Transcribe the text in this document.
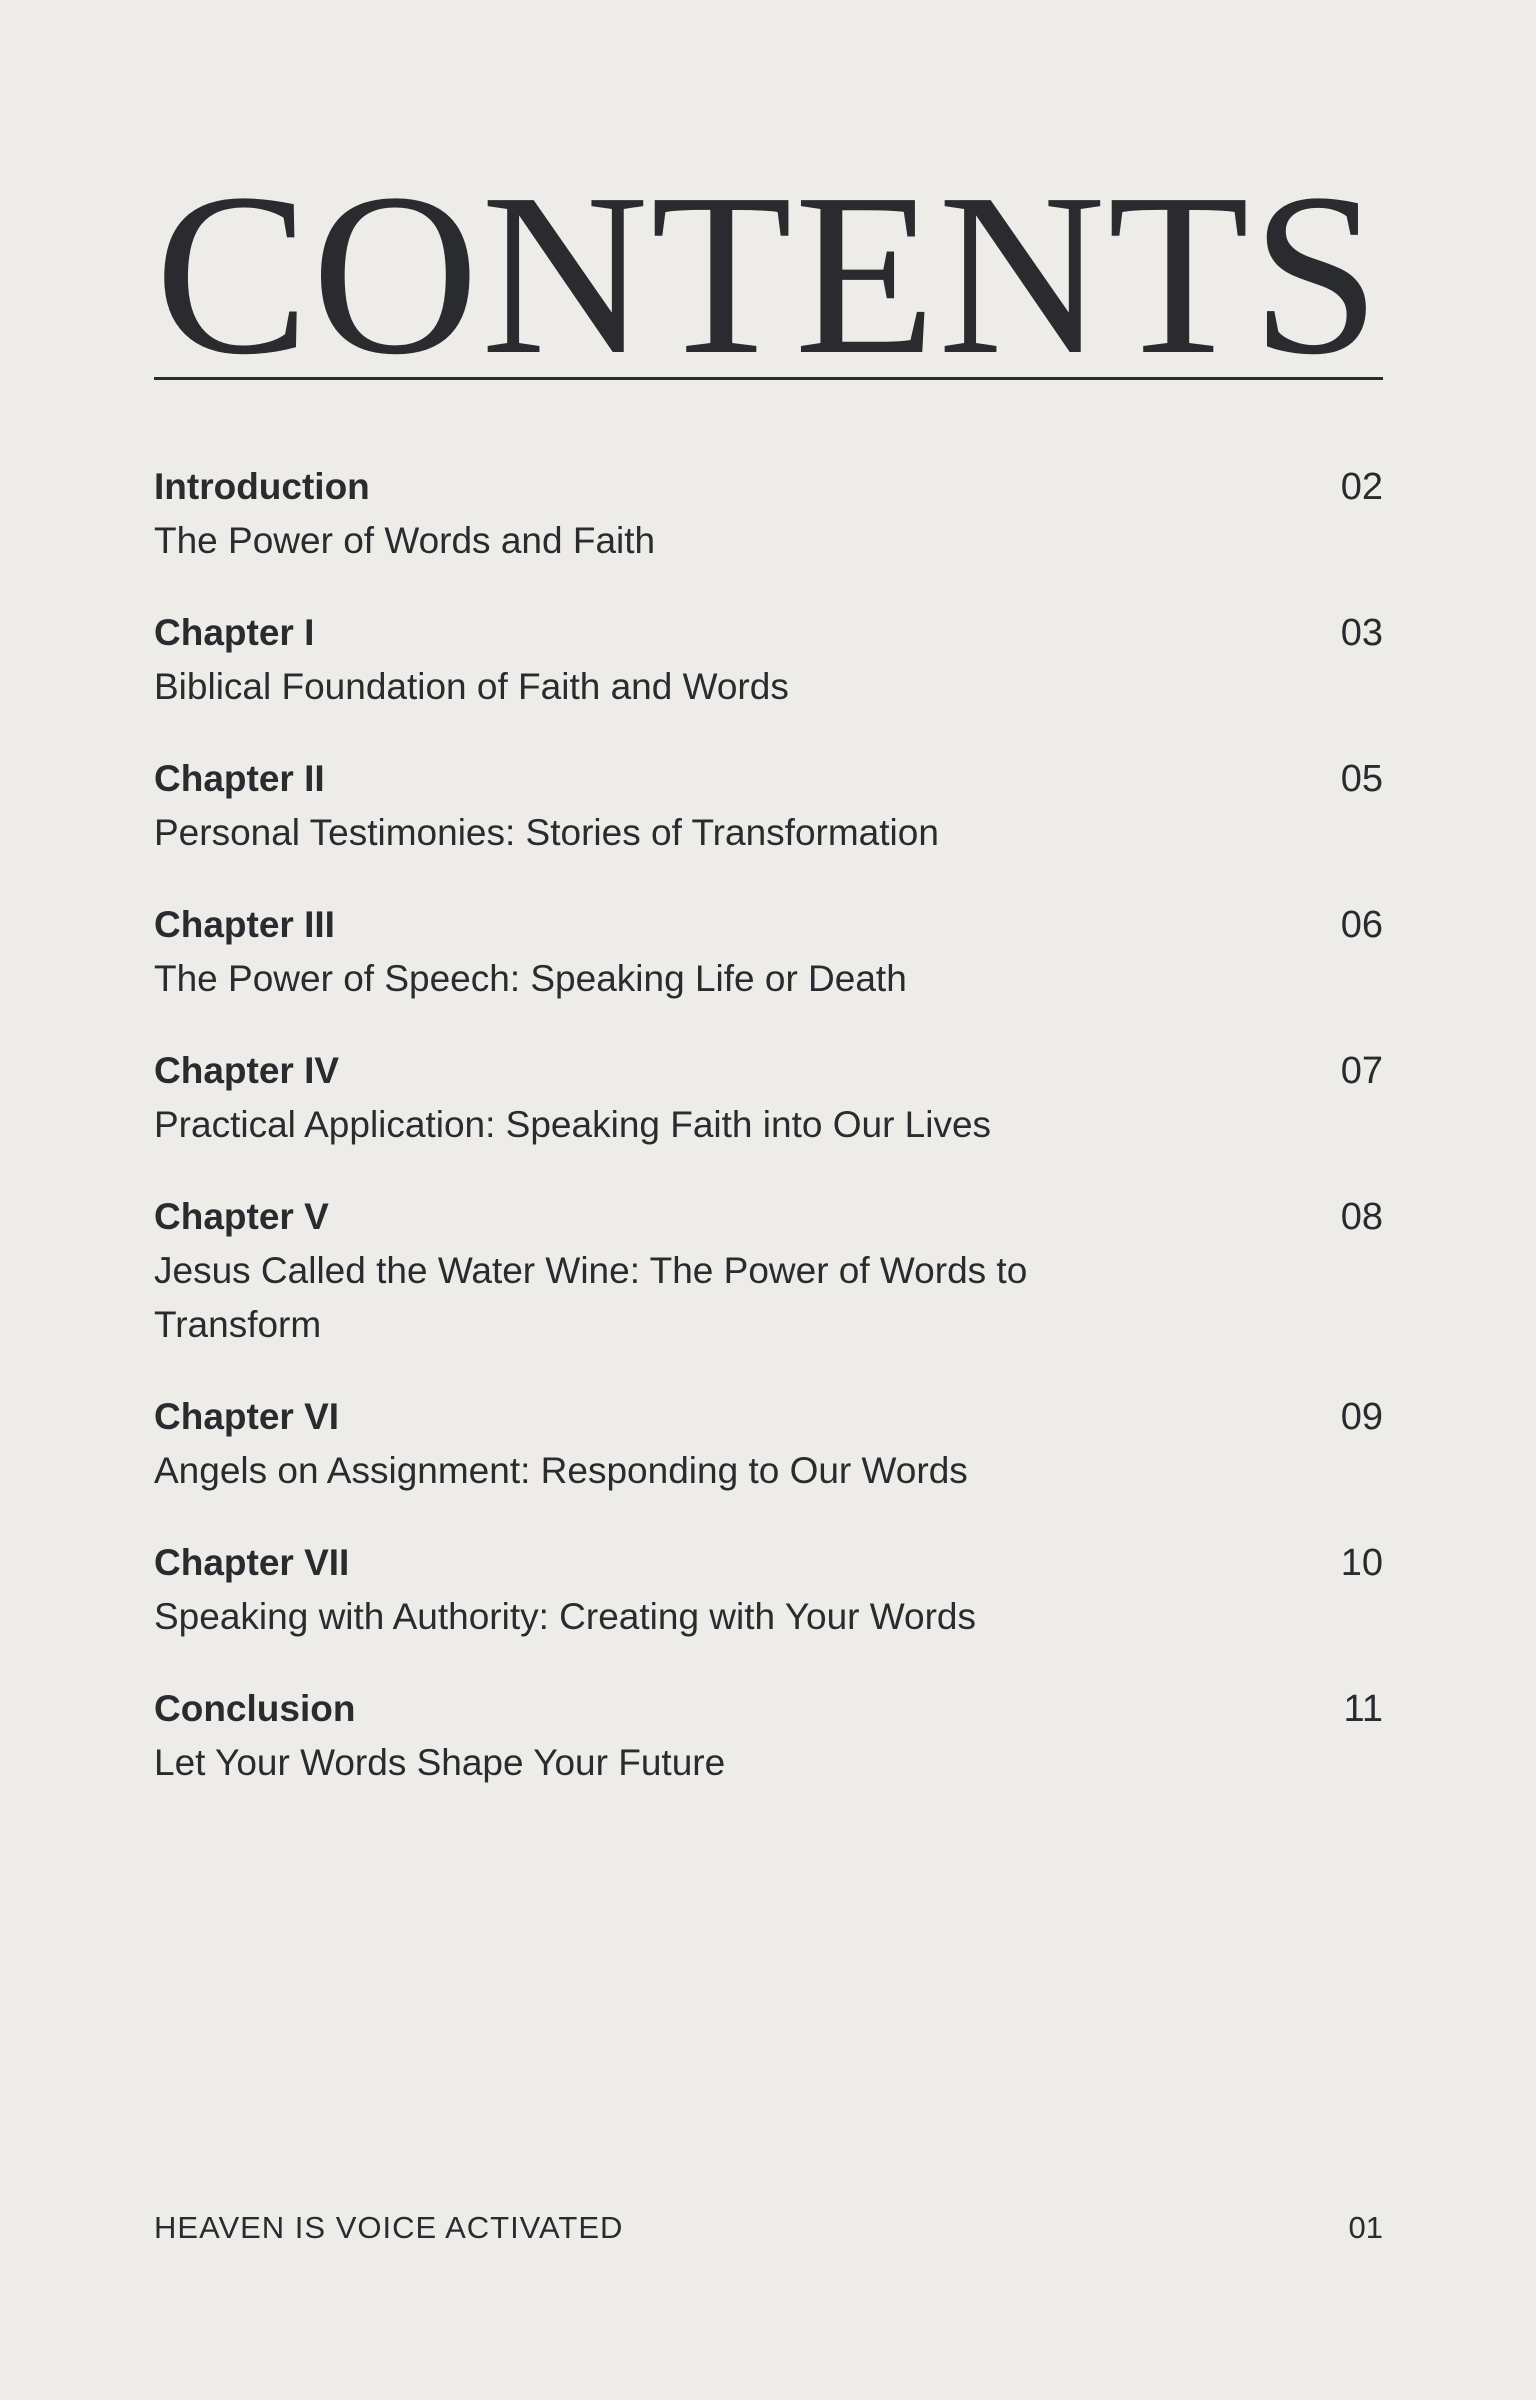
CONTENTS
Introduction
The Power of Words and Faith
02
Chapter I
Biblical Foundation of Faith and Words
03
Chapter II
Personal Testimonies: Stories of Transformation
05
Chapter III
The Power of Speech: Speaking Life or Death
06
Chapter IV
Practical Application: Speaking Faith into Our Lives
07
Chapter V
Jesus Called the Water Wine: The Power of Words to Transform
08
Chapter VI
Angels on Assignment: Responding to Our Words
09
Chapter VII
Speaking with Authority: Creating with Your Words
10
Conclusion
Let Your Words Shape Your Future
11
HEAVEN IS VOICE ACTIVATED	01
